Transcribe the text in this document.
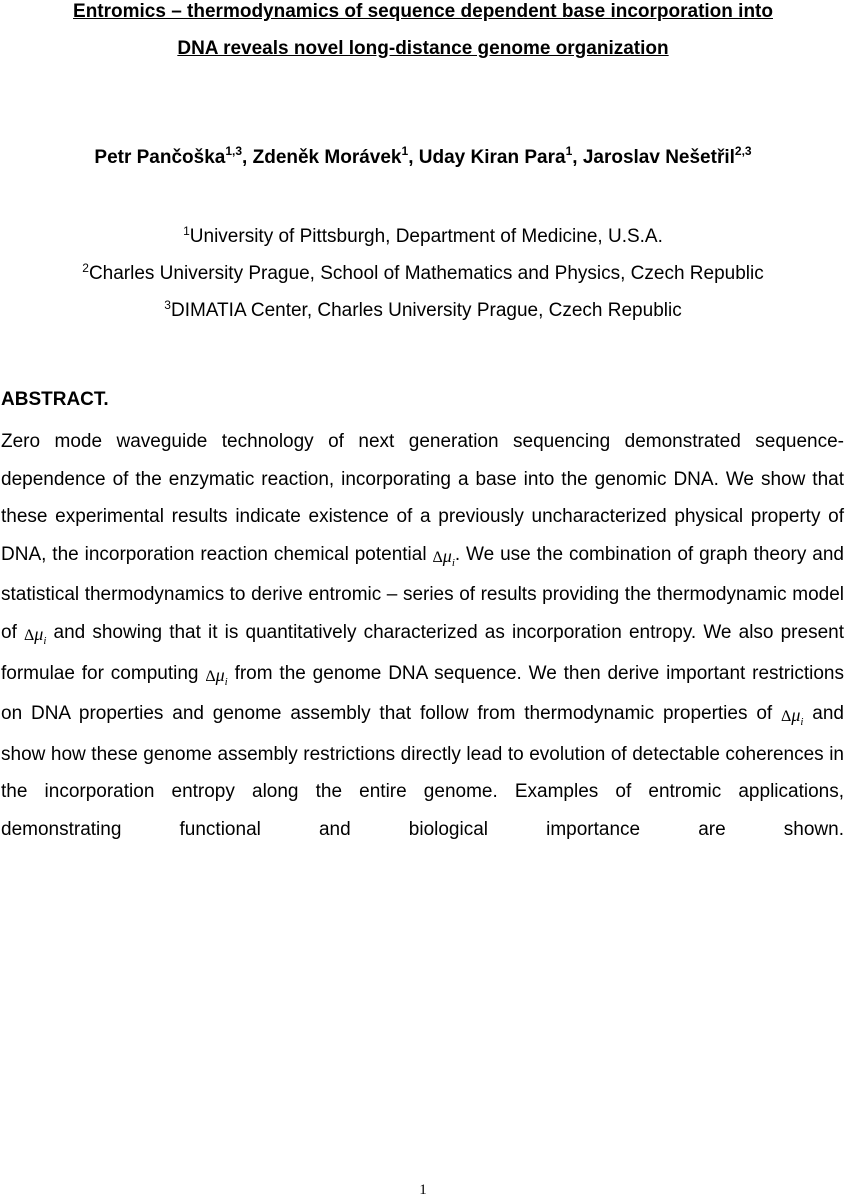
Entromics – thermodynamics of sequence dependent base incorporation into
DNA reveals novel long-distance genome organization
Petr Pančoška$^{1,3}$, Zdeněk Morávek$^1$, Uday Kiran Para$^1$, Jaroslav Nešetřil$^{2,3}$
$^1$University of Pittsburgh, Department of Medicine, U.S.A.
$^2$Charles University Prague, School of Mathematics and Physics, Czech Republic
$^3$DIMATIA Center, Charles University Prague, Czech Republic
ABSTRACT.

Zero mode waveguide technology of next generation sequencing demonstrated sequence-dependence of the enzymatic reaction, incorporating a base into the genomic DNA. We show that these experimental results indicate existence of a previously uncharacterized physical property of DNA, the incorporation reaction chemical potential $\Delta\mu_i$. We use the combination of graph theory and statistical thermodynamics to derive entromic – series of results providing the thermodynamic model of $\Delta\mu_i$ and showing that it is quantitatively characterized as incorporation entropy. We also present formulae for computing $\Delta\mu_i$ from the genome DNA sequence. We then derive important restrictions on DNA properties and genome assembly that follow from thermodynamic properties of $\Delta\mu_i$ and show how these genome assembly restrictions directly lead to evolution of detectable coherences in the incorporation entropy along the entire genome. Examples of entromic applications, demonstrating functional and biological importance are shown.

1
